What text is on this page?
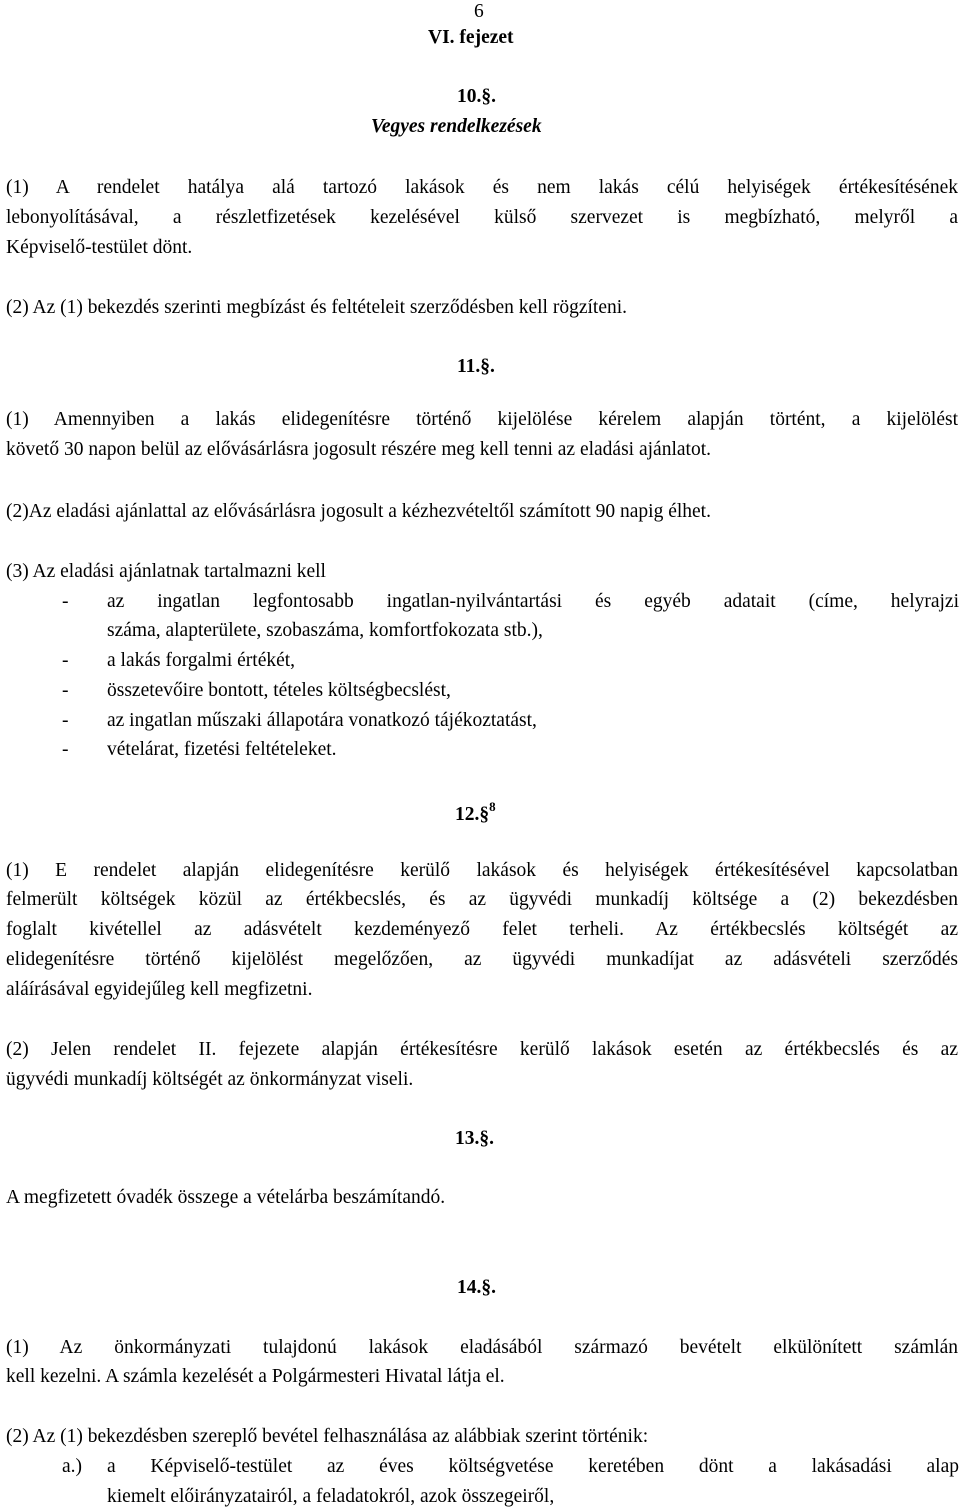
6
VI. fejezet
10.§.
Vegyes rendelkezések
(1) A rendelet hatálya alá tartozó lakások és nem lakás célú helyiségek értékesítésének
lebonyolításával, a részletfizetések kezelésével külső szervezet is megbízható, melyről a
Képviselő-testület dönt.
(2) Az (1) bekezdés szerinti megbízást és feltételeit szerződésben kell rögzíteni.
11.§.
(1) Amennyiben a lakás elidegenítésre történő kijelölése kérelem alapján történt, a kijelölést
követő 30 napon belül az elővásárlásra jogosult részére meg kell tenni az eladási ajánlatot.
(2)Az eladási ajánlattal az elővásárlásra jogosult a kézhezvételtől számított 90 napig élhet.
(3) Az eladási ajánlatnak tartalmazni kell
- az ingatlan legfontosabb ingatlan-nyilvántartási és egyéb adatait (címe, helyrajzi
száma, alapterülete, szobaszáma, komfortfokozata stb.),
- a lakás forgalmi értékét,
- összetevőire bontott, tételes költségbecslést,
- az ingatlan műszaki állapotára vonatkozó tájékoztatást,
- vételárat, fizetési feltételeket.
12.§$^8$
(1) E rendelet alapján elidegenítésre kerülő lakások és helyiségek értékesítésével kapcsolatban
felmerült költségek közül az értékbecslés, és az ügyvédi munkadíj költsége a (2) bekezdésben
foglalt kivétellel az adásvételt kezdeményező felet terheli. Az értékbecslés költségét az
elidegenítésre történő kijelölést megelőzően, az ügyvédi munkadíjat az adásvételi szerződés
aláírásával egyidejűleg kell megfizetni.
(2) Jelen rendelet II. fejezete alapján értékesítésre kerülő lakások esetén az értékbecslés és az
ügyvédi munkadíj költségét az önkormányzat viseli.
13.§.
A megfizetett óvadék összege a vételárba beszámítandó.
14.§.
(1) Az önkormányzati tulajdonú lakások eladásából származó bevételt elkülönített számlán
kell kezelni. A számla kezelését a Polgármesteri Hivatal látja el.
(2) Az (1) bekezdésben szereplő bevétel felhasználása az alábbiak szerint történik:
a.) a Képviselő-testület az éves költségvetése keretében dönt a lakásadási alap
kiemelt előirányzatairól, a feladatokról, azok összegeiről,
